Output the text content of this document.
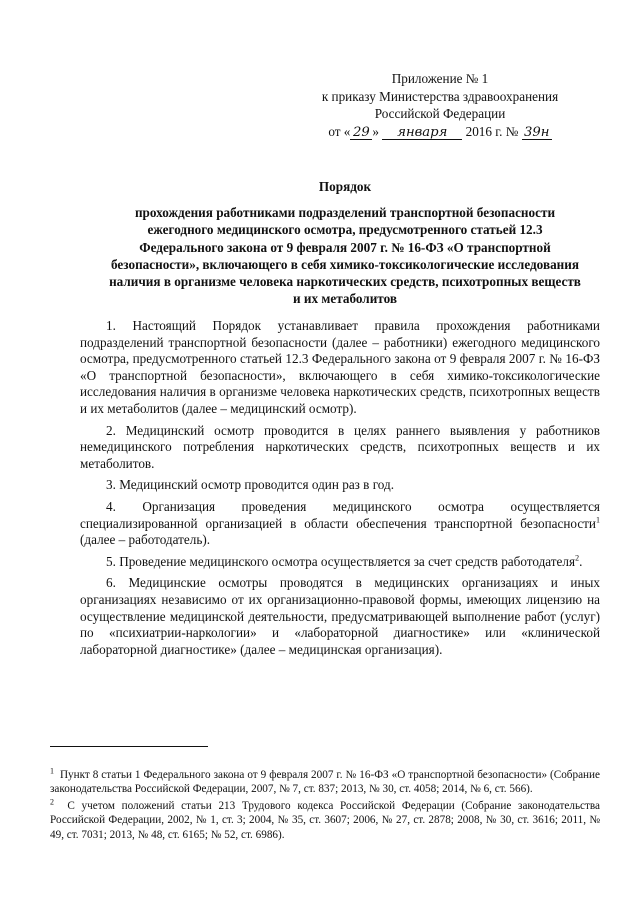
Приложение № 1
к приказу Министерства здравоохранения
Российской Федерации
от « 29 » января 2016 г. № 39н
Порядок
прохождения работниками подразделений транспортной безопасности
ежегодного медицинского осмотра, предусмотренного статьей 12.3
Федерального закона от 9 февраля 2007 г. № 16-ФЗ «О транспортной
безопасности», включающего в себя химико-токсикологические исследования
наличия в организме человека наркотических средств, психотропных веществ
и их метаболитов

1. Настоящий Порядок устанавливает правила прохождения работниками подразделений транспортной безопасности (далее – работники) ежегодного медицинского осмотра, предусмотренного статьей 12.3 Федерального закона от 9 февраля 2007 г. № 16-ФЗ «О транспортной безопасности», включающего в себя химико-токсикологические исследования наличия в организме человека наркотических средств, психотропных веществ и их метаболитов (далее – медицинский осмотр).

2. Медицинский осмотр проводится в целях раннего выявления у работников немедицинского потребления наркотических средств, психотропных веществ и их метаболитов.

3. Медицинский осмотр проводится один раз в год.

4. Организация проведения медицинского осмотра осуществляется специализированной организацией в области обеспечения транспортной безопасности$^1$ (далее – работодатель).

5. Проведение медицинского осмотра осуществляется за счет средств работодателя$^2$.

6. Медицинские осмотры проводятся в медицинских организациях и иных организациях независимо от их организационно-правовой формы, имеющих лицензию на осуществление медицинской деятельности, предусматривающей выполнение работ (услуг) по «психиатрии-наркологии» и «лабораторной диагностике» или «клинической лабораторной диагностике» (далее – медицинская организация).

$^1$ Пункт 8 статьи 1 Федерального закона от 9 февраля 2007 г. № 16-ФЗ «О транспортной безопасности» (Собрание законодательства Российской Федерации, 2007, № 7, ст. 837; 2013, № 30, ст. 4058; 2014, № 6, ст. 566).

$^2$ С учетом положений статьи 213 Трудового кодекса Российской Федерации (Собрание законодательства Российской Федерации, 2002, № 1, ст. 3; 2004, № 35, ст. 3607; 2006, № 27, ст. 2878; 2008, № 30, ст. 3616; 2011, № 49, ст. 7031; 2013, № 48, ст. 6165; № 52, ст. 6986).
